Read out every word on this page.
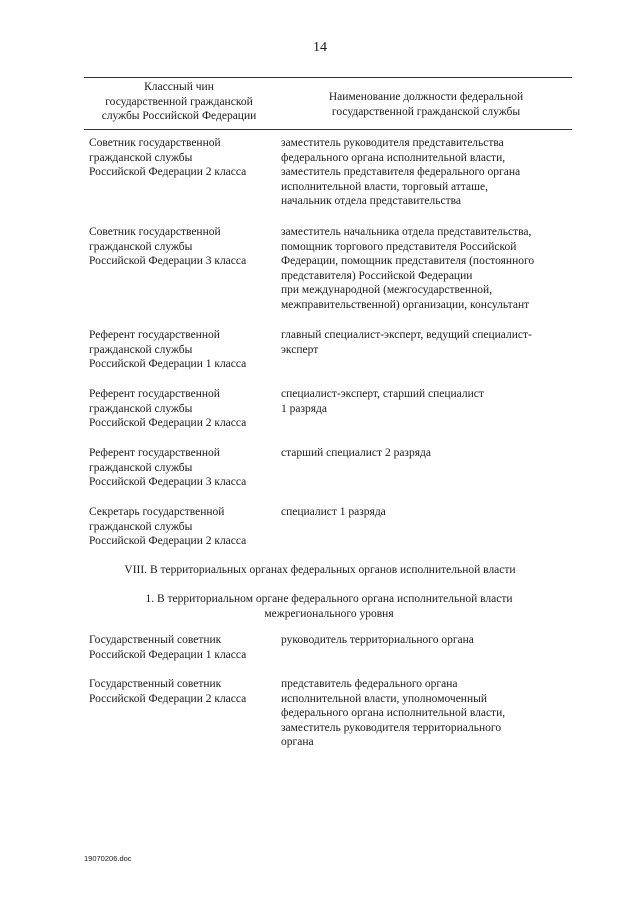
14
Классный чин
государственной гражданской
службы Российской Федерации
Наименование должности федеральной
государственной гражданской службы
Советник государственной
гражданской службы
Российской Федерации 2 класса
заместитель руководителя представительства
федерального органа исполнительной власти,
заместитель представителя федерального органа
исполнительной власти, торговый атташе,
начальник отдела представительства
Советник государственной
гражданской службы
Российской Федерации 3 класса
заместитель начальника отдела представительства,
помощник торгового представителя Российской
Федерации, помощник представителя (постоянного
представителя) Российской Федерации
при международной (межгосударственной,
межправительственной) организации, консультант
Референт государственной
гражданской службы
Российской Федерации 1 класса
главный специалист-эксперт, ведущий специалист-
эксперт
Референт государственной
гражданской службы
Российской Федерации 2 класса
специалист-эксперт, старший специалист
1 разряда
Референт государственной
гражданской службы
Российской Федерации 3 класса
старший специалист 2 разряда
Секретарь государственной
гражданской службы
Российской Федерации 2 класса
специалист 1 разряда
VIII. В территориальных органах федеральных органов исполнительной власти
1. В территориальном органе федерального органа исполнительной власти
межрегионального уровня
Государственный советник
Российской Федерации 1 класса
руководитель территориального органа
Государственный советник
Российской Федерации 2 класса
представитель федерального органа
исполнительной власти, уполномоченный
федерального органа исполнительной власти,
заместитель руководителя территориального
органа
19070206.doc
